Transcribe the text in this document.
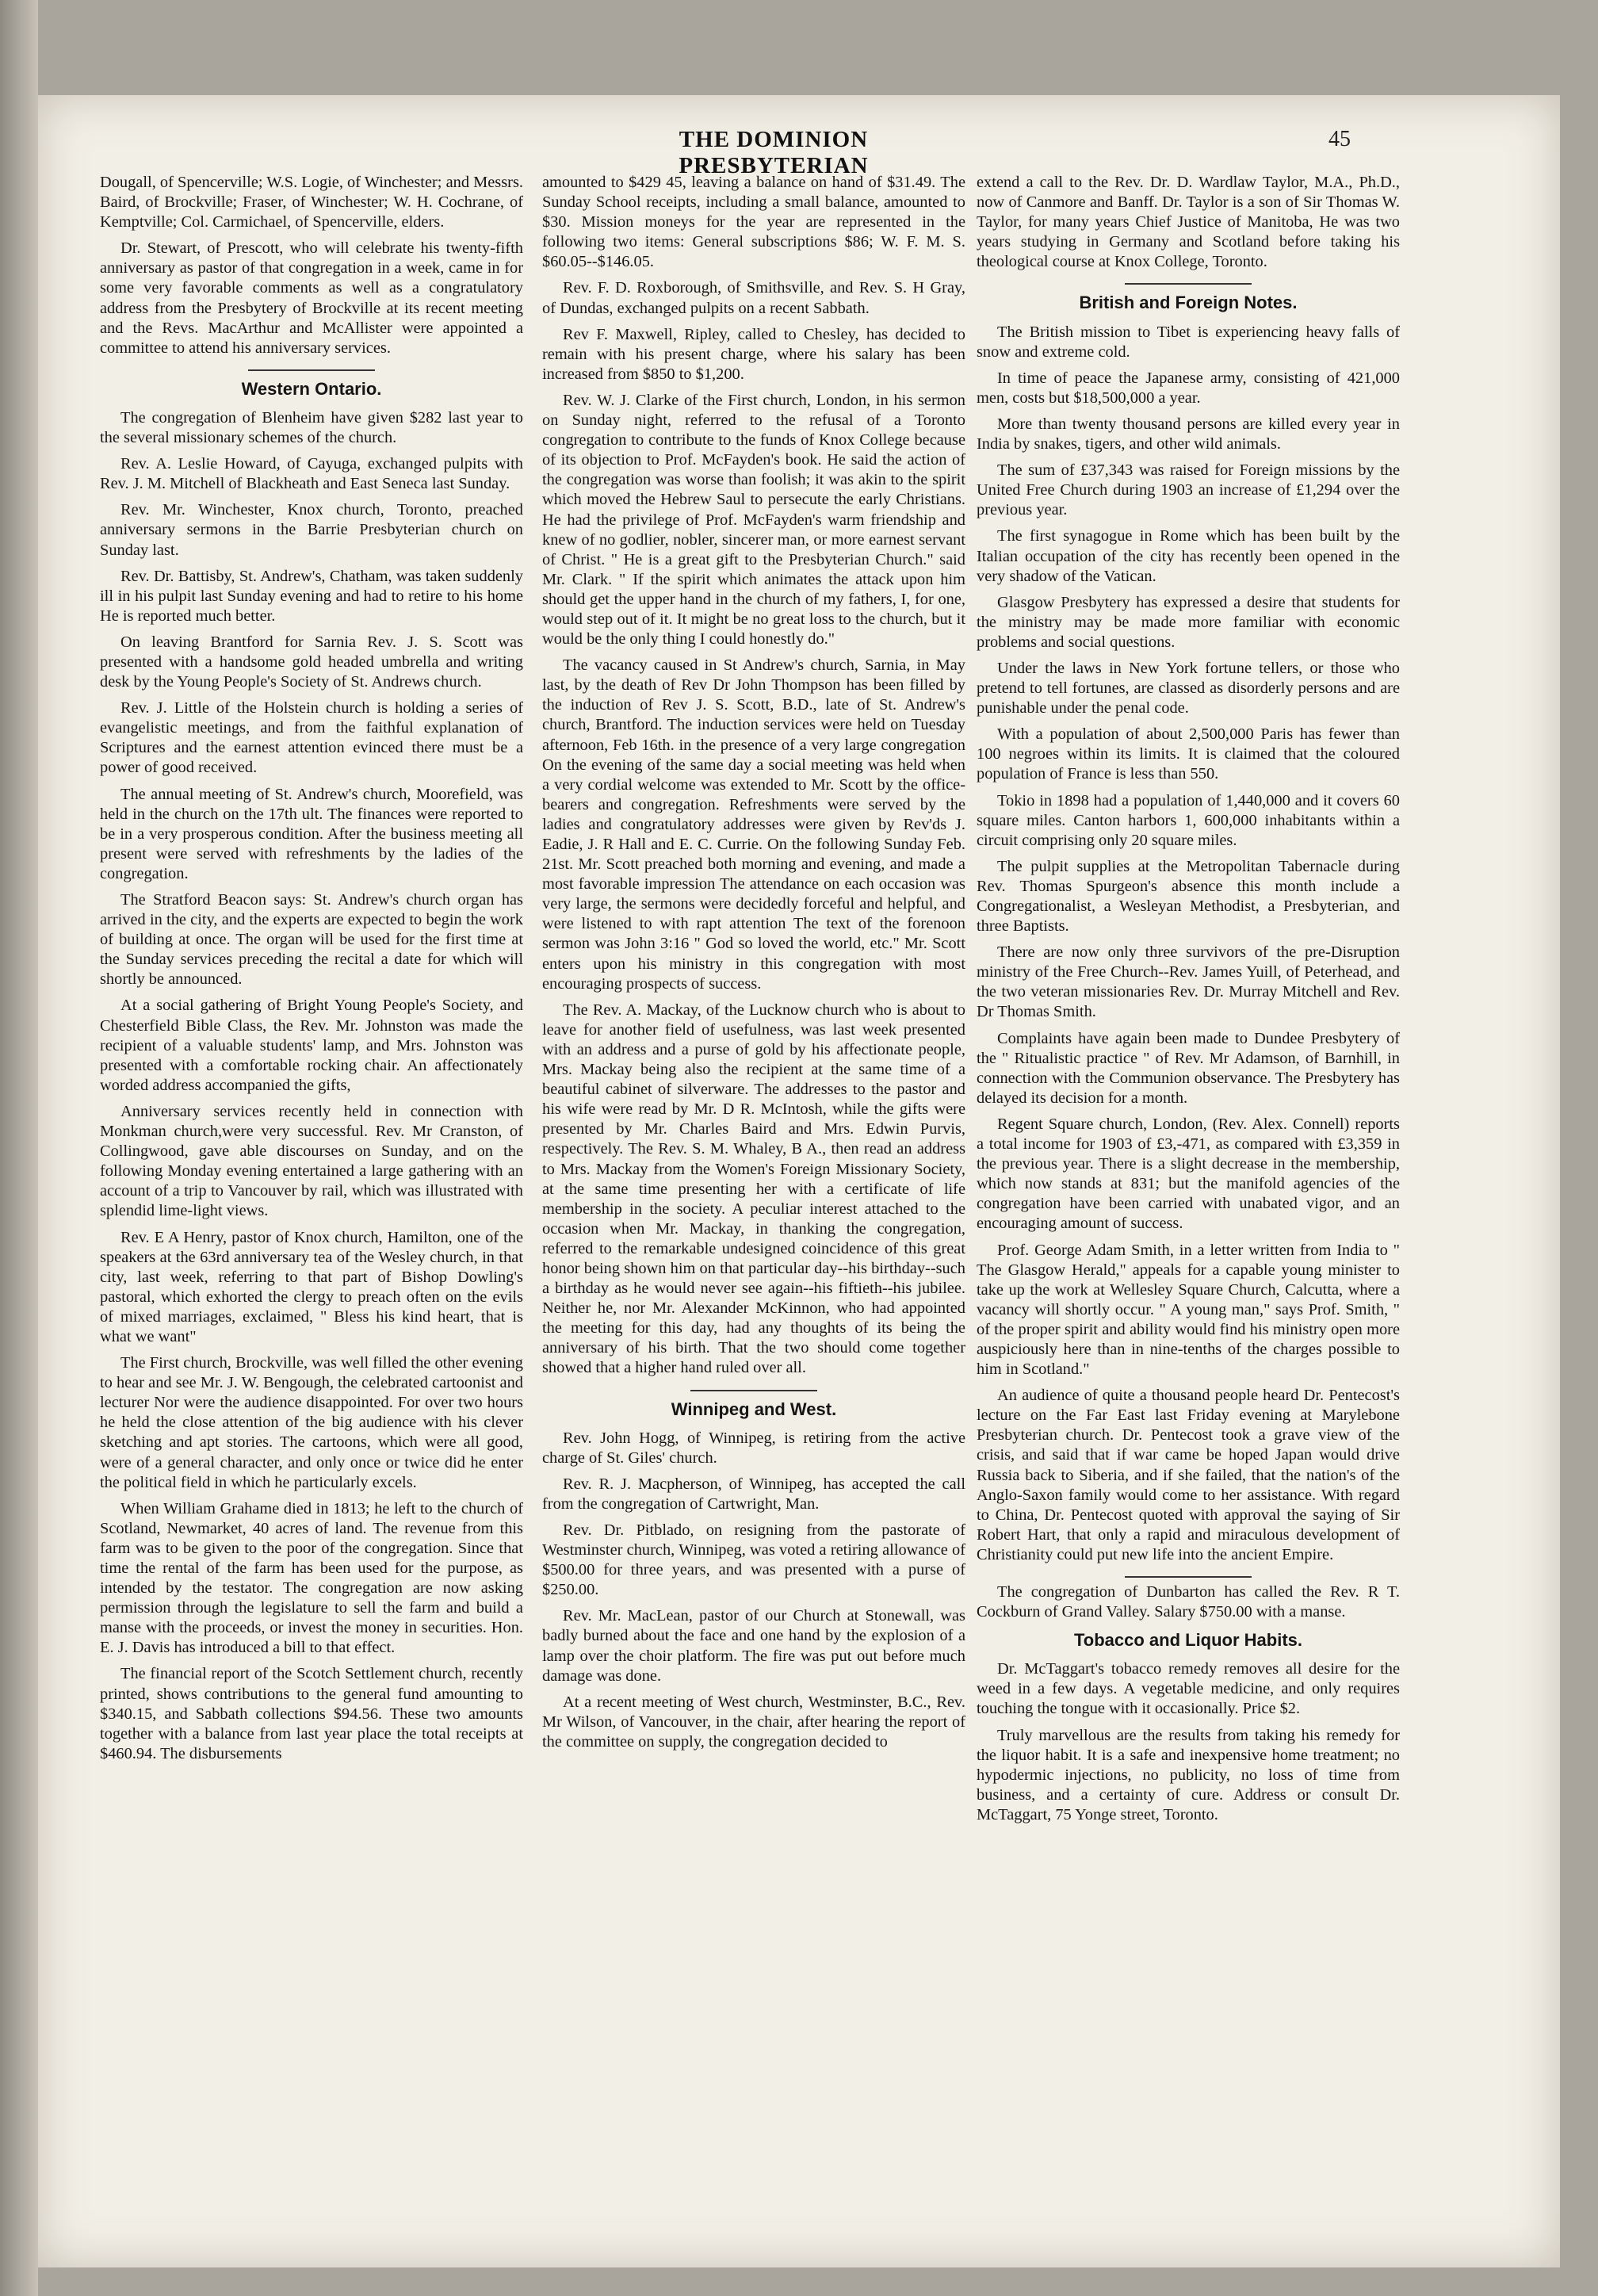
THE DOMINION PRESBYTERIAN
45

Dougall, of Spencerville; W.S. Logie, of Winchester; and Messrs. Baird, of Brockville; Fraser, of Winchester; W. H. Cochrane, of Kemptville; Col. Carmichael, of Spencerville, elders.

Dr. Stewart, of Prescott, who will celebrate his twenty-fifth anniversary as pastor of that congregation in a week, came in for some very favorable comments as well as a congratulatory address from the Presbytery of Brockville at its recent meeting and the Revs. MacArthur and McAllister were appointed a committee to attend his anniversary services.

Western Ontario.

The congregation of Blenheim have given $282 last year to the several missionary schemes of the church.

Rev. A. Leslie Howard, of Cayuga, exchanged pulpits with Rev. J. M. Mitchell of Blackheath and East Seneca last Sunday.

Rev. Mr. Winchester, Knox church, Toronto, preached anniversary sermons in the Barrie Presbyterian church on Sunday last.

Rev. Dr. Battisby, St. Andrew's, Chatham, was taken suddenly ill in his pulpit last Sunday evening and had to retire to his home He is reported much better.

On leaving Brantford for Sarnia Rev. J. S. Scott was presented with a handsome gold headed umbrella and writing desk by the Young People's Society of St. Andrews church.

Rev. J. Little of the Holstein church is holding a series of evangelistic meetings, and from the faithful explanation of Scriptures and the earnest attention evinced there must be a power of good received.

The annual meeting of St. Andrew's church, Moorefield, was held in the church on the 17th ult. The finances were reported to be in a very prosperous condition. After the business meeting all present were served with refreshments by the ladies of the congregation.

The Stratford Beacon says: St. Andrew's church organ has arrived in the city, and the experts are expected to begin the work of building at once. The organ will be used for the first time at the Sunday services preceding the recital a date for which will shortly be announced.

At a social gathering of Bright Young People's Society, and Chesterfield Bible Class, the Rev. Mr. Johnston was made the recipient of a valuable students' lamp, and Mrs. Johnston was presented with a comfortable rocking chair. An affectionately worded address accompanied the gifts,

Anniversary services recently held in connection with Monkman church,were very successful. Rev. Mr Cranston, of Collingwood, gave able discourses on Sunday, and on the following Monday evening entertained a large gathering with an account of a trip to Vancouver by rail, which was illustrated with splendid lime-light views.

Rev. E A Henry, pastor of Knox church, Hamilton, one of the speakers at the 63rd anniversary tea of the Wesley church, in that city, last week, referring to that part of Bishop Dowling's pastoral, which exhorted the clergy to preach often on the evils of mixed marriages, exclaimed, " Bless his kind heart, that is what we want"

The First church, Brockville, was well filled the other evening to hear and see Mr. J. W. Bengough, the celebrated cartoonist and lecturer Nor were the audience disappointed. For over two hours he held the close attention of the big audience with his clever sketching and apt stories. The cartoons, which were all good, were of a general character, and only once or twice did he enter the political field in which he particularly excels.

When William Grahame died in 1813; he left to the church of Scotland, Newmarket, 40 acres of land. The revenue from this farm was to be given to the poor of the congregation. Since that time the rental of the farm has been used for the purpose, as intended by the testator. The congregation are now asking permission through the legislature to sell the farm and build a manse with the proceeds, or invest the money in securities. Hon. E. J. Davis has introduced a bill to that effect.

The financial report of the Scotch Settlement church, recently printed, shows contributions to the general fund amounting to $340.15, and Sabbath collections $94.56. These two amounts together with a balance from last year place the total receipts at $460.94. The disbursements

amounted to $429 45, leaving a balance on hand of $31.49. The Sunday School receipts, including a small balance, amounted to $30. Mission moneys for the year are represented in the following two items: General subscriptions $86; W. F. M. S. $60.05--$146.05.

Rev. F. D. Roxborough, of Smithsville, and Rev. S. H Gray, of Dundas, exchanged pulpits on a recent Sabbath.

Rev F. Maxwell, Ripley, called to Chesley, has decided to remain with his present charge, where his salary has been increased from $850 to $1,200.

Rev. W. J. Clarke of the First church, London, in his sermon on Sunday night, referred to the refusal of a Toronto congregation to contribute to the funds of Knox College because of its objection to Prof. McFayden's book. He said the action of the congregation was worse than foolish; it was akin to the spirit which moved the Hebrew Saul to persecute the early Christians. He had the privilege of Prof. McFayden's warm friendship and knew of no godlier, nobler, sincerer man, or more earnest servant of Christ. " He is a great gift to the Presbyterian Church." said Mr. Clark. " If the spirit which animates the attack upon him should get the upper hand in the church of my fathers, I, for one, would step out of it. It might be no great loss to the church, but it would be the only thing I could honestly do."

The vacancy caused in St Andrew's church, Sarnia, in May last, by the death of Rev Dr John Thompson has been filled by the induction of Rev J. S. Scott, B.D., late of St. Andrew's church, Brantford. The induction services were held on Tuesday afternoon, Feb 16th. in the presence of a very large congregation On the evening of the same day a social meeting was held when a very cordial welcome was extended to Mr. Scott by the office-bearers and congregation. Refreshments were served by the ladies and congratulatory addresses were given by Rev'ds J. Eadie, J. R Hall and E. C. Currie. On the following Sunday Feb. 21st. Mr. Scott preached both morning and evening, and made a most favorable impression The attendance on each occasion was very large, the sermons were decidedly forceful and helpful, and were listened to with rapt attention The text of the forenoon sermon was John 3:16 " God so loved the world, etc." Mr. Scott enters upon his ministry in this congregation with most encouraging prospects of success.

The Rev. A. Mackay, of the Lucknow church who is about to leave for another field of usefulness, was last week presented with an address and a purse of gold by his affectionate people, Mrs. Mackay being also the recipient at the same time of a beautiful cabinet of silverware. The addresses to the pastor and his wife were read by Mr. D R. McIntosh, while the gifts were presented by Mr. Charles Baird and Mrs. Edwin Purvis, respectively. The Rev. S. M. Whaley, B A., then read an address to Mrs. Mackay from the Women's Foreign Missionary Society, at the same time presenting her with a certificate of life membership in the society. A peculiar interest attached to the occasion when Mr. Mackay, in thanking the congregation, referred to the remarkable undesigned coincidence of this great honor being shown him on that particular day--his birthday--such a birthday as he would never see again--his fiftieth--his jubilee. Neither he, nor Mr. Alexander McKinnon, who had appointed the meeting for this day, had any thoughts of its being the anniversary of his birth. That the two should come together showed that a higher hand ruled over all.

Winnipeg and West.

Rev. John Hogg, of Winnipeg, is retiring from the active charge of St. Giles' church.

Rev. R. J. Macpherson, of Winnipeg, has accepted the call from the congregation of Cartwright, Man.

Rev. Dr. Pitblado, on resigning from the pastorate of Westminster church, Winnipeg, was voted a retiring allowance of $500.00 for three years, and was presented with a purse of $250.00.

Rev. Mr. MacLean, pastor of our Church at Stonewall, was badly burned about the face and one hand by the explosion of a lamp over the choir platform. The fire was put out before much damage was done.

At a recent meeting of West church, Westminster, B.C., Rev. Mr Wilson, of Vancouver, in the chair, after hearing the report of the committee on supply, the congregation decided to

extend a call to the Rev. Dr. D. Wardlaw Taylor, M.A., Ph.D., now of Canmore and Banff. Dr. Taylor is a son of Sir Thomas W. Taylor, for many years Chief Justice of Manitoba, He was two years studying in Germany and Scotland before taking his theological course at Knox College, Toronto.

British and Foreign Notes.

The British mission to Tibet is experiencing heavy falls of snow and extreme cold.

In time of peace the Japanese army, consisting of 421,000 men, costs but $18,500,000 a year.

More than twenty thousand persons are killed every year in India by snakes, tigers, and other wild animals.

The sum of £37,343 was raised for Foreign missions by the United Free Church during 1903 an increase of £1,294 over the previous year.

The first synagogue in Rome which has been built by the Italian occupation of the city has recently been opened in the very shadow of the Vatican.

Glasgow Presbytery has expressed a desire that students for the ministry may be made more familiar with economic problems and social questions.

Under the laws in New York fortune tellers, or those who pretend to tell fortunes, are classed as disorderly persons and are punishable under the penal code.

With a population of about 2,500,000 Paris has fewer than 100 negroes within its limits. It is claimed that the coloured population of France is less than 550.

Tokio in 1898 had a population of 1,440,000 and it covers 60 square miles. Canton harbors 1, 600,000 inhabitants within a circuit comprising only 20 square miles.

The pulpit supplies at the Metropolitan Tabernacle during Rev. Thomas Spurgeon's absence this month include a Congregationalist, a Wesleyan Methodist, a Presbyterian, and three Baptists.

There are now only three survivors of the pre-Disruption ministry of the Free Church--Rev. James Yuill, of Peterhead, and the two veteran missionaries Rev. Dr. Murray Mitchell and Rev. Dr Thomas Smith.

Complaints have again been made to Dundee Presbytery of the " Ritualistic practice " of Rev. Mr Adamson, of Barnhill, in connection with the Communion observance. The Presbytery has delayed its decision for a month.

Regent Square church, London, (Rev. Alex. Connell) reports a total income for 1903 of £3,-471, as compared with £3,359 in the previous year. There is a slight decrease in the membership, which now stands at 831; but the manifold agencies of the congregation have been carried with unabated vigor, and an encouraging amount of success.

Prof. George Adam Smith, in a letter written from India to " The Glasgow Herald," appeals for a capable young minister to take up the work at Wellesley Square Church, Calcutta, where a vacancy will shortly occur. " A young man," says Prof. Smith, " of the proper spirit and ability would find his ministry open more auspiciously here than in nine-tenths of the charges possible to him in Scotland."

An audience of quite a thousand people heard Dr. Pentecost's lecture on the Far East last Friday evening at Marylebone Presbyterian church. Dr. Pentecost took a grave view of the crisis, and said that if war came be hoped Japan would drive Russia back to Siberia, and if she failed, that the nation's of the Anglo-Saxon family would come to her assistance. With regard to China, Dr. Pentecost quoted with approval the saying of Sir Robert Hart, that only a rapid and miraculous development of Christianity could put new life into the ancient Empire.

The congregation of Dunbarton has called the Rev. R T. Cockburn of Grand Valley. Salary $750.00 with a manse.

Tobacco and Liquor Habits.

Dr. McTaggart's tobacco remedy removes all desire for the weed in a few days. A vegetable medicine, and only requires touching the tongue with it occasionally. Price $2.

Truly marvellous are the results from taking his remedy for the liquor habit. It is a safe and inexpensive home treatment; no hypodermic injections, no publicity, no loss of time from business, and a certainty of cure. Address or consult Dr. McTaggart, 75 Yonge street, Toronto.
